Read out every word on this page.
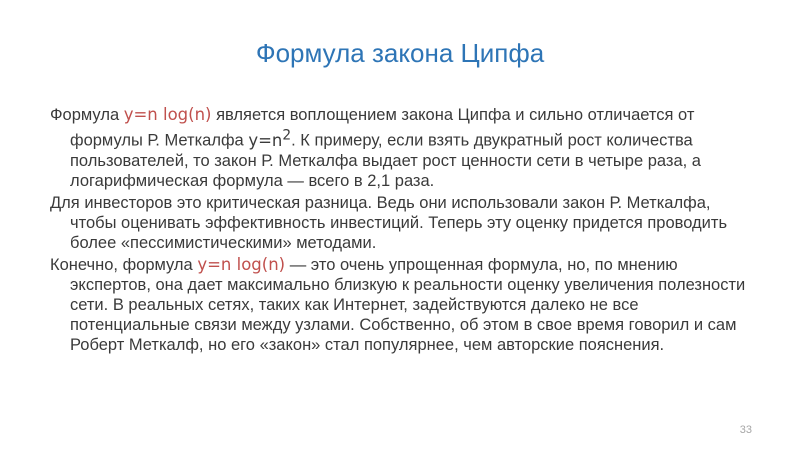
Формула закона Ципфа

Формула y=n log(n) является воплощением закона Ципфа и сильно отличается от формулы Р. Меткалфа $y=n^2$. К примеру, если взять двукратный рост количества пользователей, то закон Р. Меткалфа выдает рост ценности сети в четыре раза, а логарифмическая формула — всего в 2,1 раза.

Для инвесторов это критическая разница. Ведь они использовали закон Р. Меткалфа, чтобы оценивать эффективность инвестиций. Теперь эту оценку придется проводить более «пессимистическими» методами.

Конечно, формула y=n log(n) — это очень упрощенная формула, но, по мнению экспертов, она дает максимально близкую к реальности оценку увеличения полезности сети. В реальных сетях, таких как Интернет, задействуются далеко не все потенциальные связи между узлами. Собственно, об этом в свое время говорил и сам Роберт Меткалф, но его «закон» стал популярнее, чем авторские пояснения.

33
